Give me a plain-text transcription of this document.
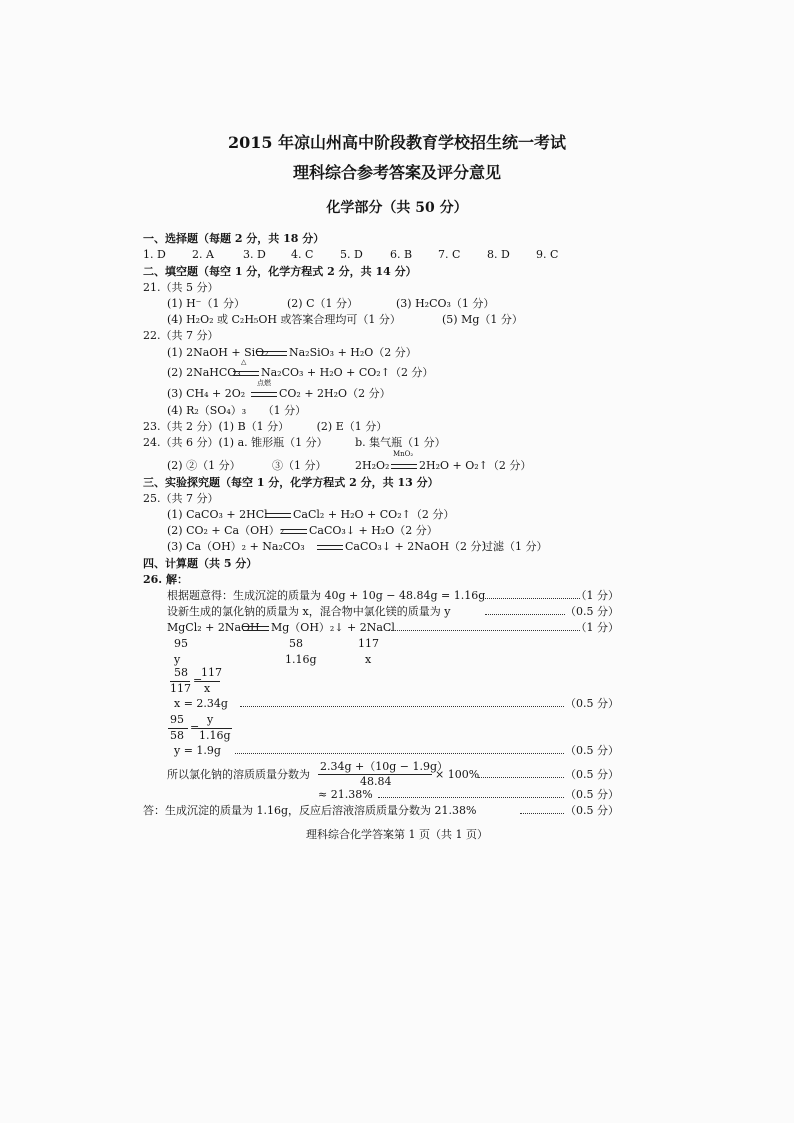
2015 年凉山州高中阶段教育学校招生统一考试
理科综合参考答案及评分意见
化学部分（共 50 分）
一、选择题（每题 2 分，共 18 分）
1. D 2. A	3. D 4. C 5. D 6. B 7. C 8. D 9. C
二、填空题（每空 1 分，化学方程式 2 分，共 14 分）
21.（共 5 分）
(1) H⁻（1 分）	(2) C（1 分）	(3) H₂CO₃（1 分）
(4) H₂O₂ 或 C₂H₅OH 或答案合理均可（1 分）	(5) Mg（1 分）
22.（共 7 分）
(1) 2NaOH + SiO₂ Na₂SiO₃ + H₂O（2 分）
(2) 2NaHCO₃
△
Na₂CO₃ + H₂O + CO₂↑（2 分）
(3) CH₄ + 2O₂
点燃
CO₂ + 2H₂O（2 分）
(4) R₂（SO₄）₃　　（1 分）
23.（共 2 分）(1) B（1 分）　　　(2) E（1 分）
24.（共 6 分）(1) a. 锥形瓶（1 分）　　　b. 集气瓶（1 分）
(2) ②（1 分）	③（1 分）	2H₂O₂
MnO₂
2H₂O + O₂↑（2 分）
三、实验探究题（每空 1 分，化学方程式 2 分，共 13 分）
25.（共 7 分）
(1) CaCO₃ + 2HCl CaCl₂ + H₂O + CO₂↑（2 分）
(2) CO₂ + Ca（OH）₂ CaCO₃↓ + H₂O（2 分）
(3) Ca（OH）₂ + Na₂CO₃	CaCO₃↓ + 2NaOH（2 分）
过滤（1 分）
四、计算题（共 5 分）
26. 解：
根据题意得：生成沉淀的质量为 40g + 10g − 48.84g = 1.16g	（1 分）
设新生成的氯化钠的质量为 x，混合物中氯化镁的质量为 y	（0.5 分）
MgCl₂ + 2NaOH Mg（OH）₂↓ + 2NaCl	（1 分）
95	58	117
y	1.16g	x
58
117
=
117
x
x = 2.34g	（0.5 分）
95
58
=
y
1.16g
y = 1.9g	（0.5 分）
所以氯化钠的溶质质量分数为
2.34g +（10g − 1.9g）
48.84
× 100%	（0.5 分）
≈ 21.38%	（0.5 分）
答：生成沉淀的质量为 1.16g，反应后溶液溶质质量分数为 21.38%	（0.5 分）
理科综合化学答案第 1 页（共 1 页）
